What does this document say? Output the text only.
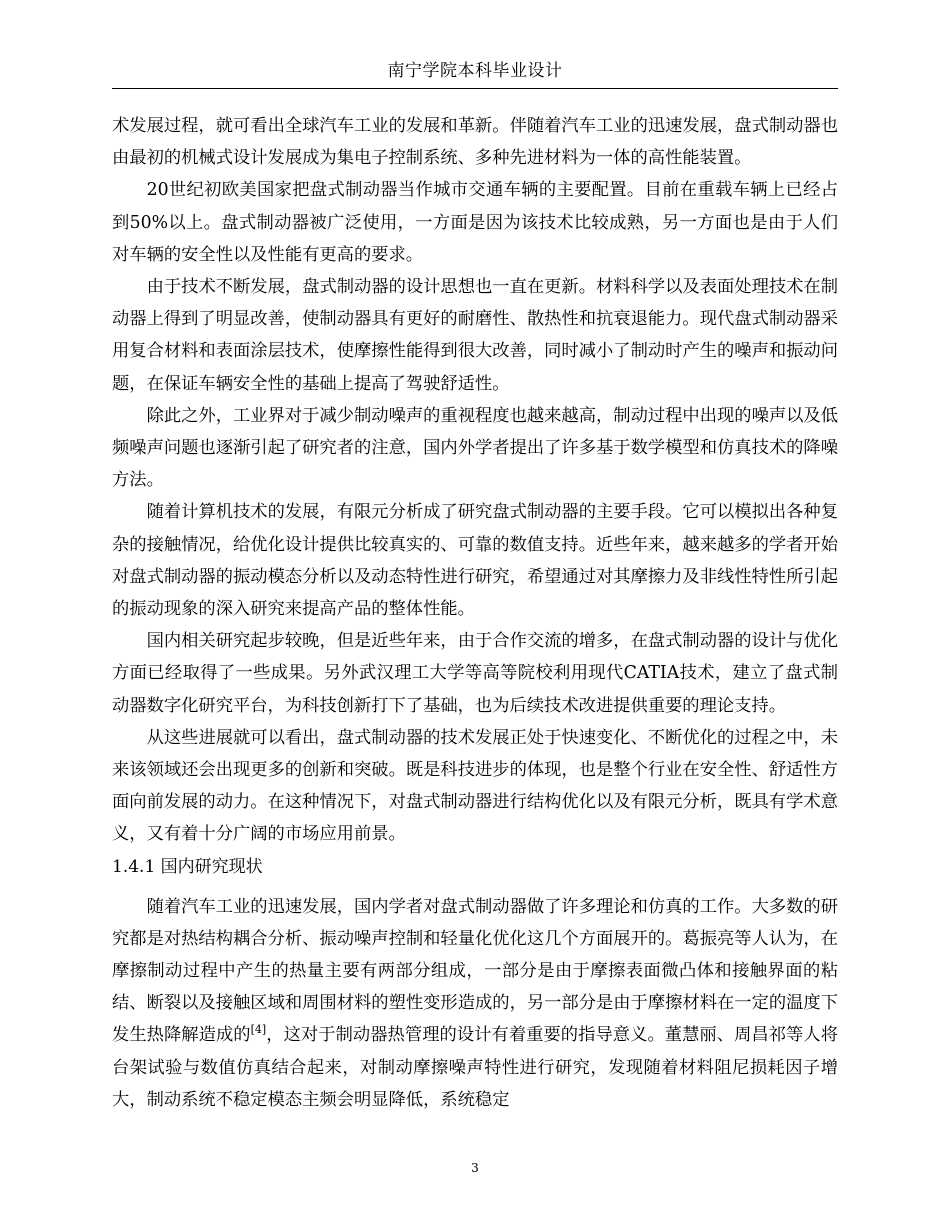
南宁学院本科毕业设计

术发展过程，就可看出全球汽车工业的发展和革新。伴随着汽车工业的迅速发展，盘式制动器也由最初的机械式设计发展成为集电子控制系统、多种先进材料为一体的高性能装置。

20世纪初欧美国家把盘式制动器当作城市交通车辆的主要配置。目前在重载车辆上已经占到50%以上。盘式制动器被广泛使用，一方面是因为该技术比较成熟，另一方面也是由于人们对车辆的安全性以及性能有更高的要求。

由于技术不断发展，盘式制动器的设计思想也一直在更新。材料科学以及表面处理技术在制动器上得到了明显改善，使制动器具有更好的耐磨性、散热性和抗衰退能力。现代盘式制动器采用复合材料和表面涂层技术，使摩擦性能得到很大改善，同时减小了制动时产生的噪声和振动问题，在保证车辆安全性的基础上提高了驾驶舒适性。

除此之外，工业界对于减少制动噪声的重视程度也越来越高，制动过程中出现的噪声以及低频噪声问题也逐渐引起了研究者的注意，国内外学者提出了许多基于数学模型和仿真技术的降噪方法。

随着计算机技术的发展，有限元分析成了研究盘式制动器的主要手段。它可以模拟出各种复杂的接触情况，给优化设计提供比较真实的、可靠的数值支持。近些年来，越来越多的学者开始对盘式制动器的振动模态分析以及动态特性进行研究，希望通过对其摩擦力及非线性特性所引起的振动现象的深入研究来提高产品的整体性能。

国内相关研究起步较晚，但是近些年来，由于合作交流的增多，在盘式制动器的设计与优化方面已经取得了一些成果。另外武汉理工大学等高等院校利用现代CATIA技术，建立了盘式制动器数字化研究平台，为科技创新打下了基础，也为后续技术改进提供重要的理论支持。

从这些进展就可以看出，盘式制动器的技术发展正处于快速变化、不断优化的过程之中，未来该领域还会出现更多的创新和突破。既是科技进步的体现，也是整个行业在安全性、舒适性方面向前发展的动力。在这种情况下，对盘式制动器进行结构优化以及有限元分析，既具有学术意义，又有着十分广阔的市场应用前景。

1.4.1 国内研究现状

随着汽车工业的迅速发展，国内学者对盘式制动器做了许多理论和仿真的工作。大多数的研究都是对热结构耦合分析、振动噪声控制和轻量化优化这几个方面展开的。葛振亮等人认为，在摩擦制动过程中产生的热量主要有两部分组成，一部分是由于摩擦表面微凸体和接触界面的粘结、断裂以及接触区域和周围材料的塑性变形造成的，另一部分是由于摩擦材料在一定的温度下发生热降解造成的[4]，这对于制动器热管理的设计有着重要的指导意义。董慧丽、周昌祁等人将台架试验与数值仿真结合起来，对制动摩擦噪声特性进行研究，发现随着材料阻尼损耗因子增大，制动系统不稳定模态主频会明显降低，系统稳定

3
